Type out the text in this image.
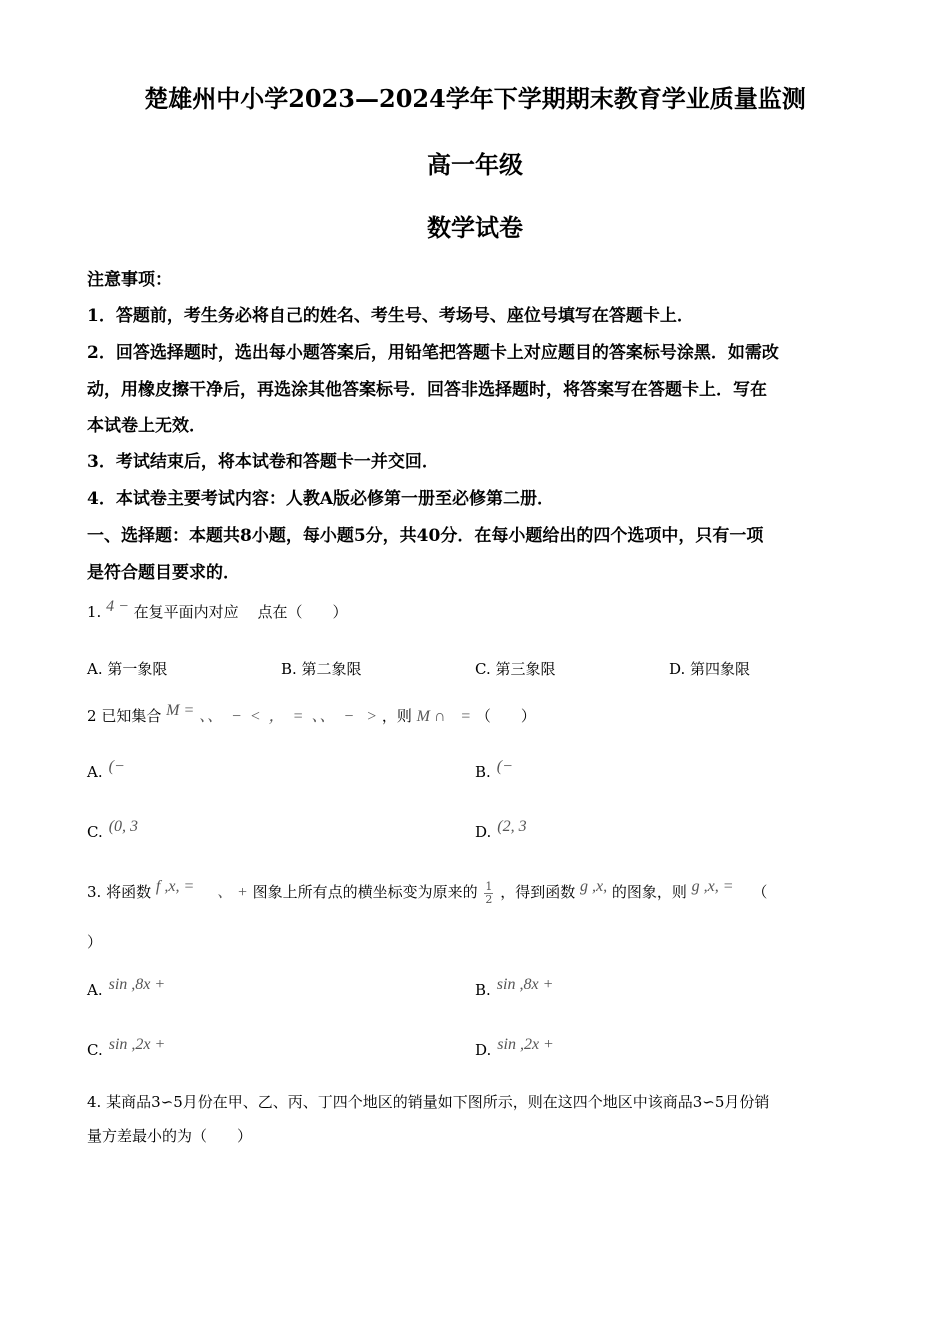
楚雄州中小学2023—2024学年下学期期末教育学业质量监测
高一年级
数学试卷
注意事项：
1．答题前，考生务必将自己的姓名、考生号、考场号、座位号填写在答题卡上．
2．回答选择题时，选出每小题答案后，用铅笔把答题卡上对应题目的答案标号涂黑．如需改
动，用橡皮擦干净后，再选涂其他答案标号．回答非选择题时，将答案写在答题卡上．写在
本试卷上无效．
3．考试结束后，将本试卷和答题卡一并交回．
4．本试卷主要考试内容：人教A版必修第一册至必修第二册．
一、选择题：本题共8小题，每小题5分，共40分．在每小题给出的四个选项中，只有一项
是符合题目要求的．
1. 4 − 在复平面内对应 点在（　　）
A. 第一象限	B. 第二象限	C. 第三象限	D. 第四象限
2 已知集合 M = 、、  −  <  ，  =  、、  −   > ，则 M ∩ = （　　）
A. (−	B. (−
C. (0, 3	D. (2, 3
3. 将函数 f ,x, = 、 + 图象上所有点的横坐标变为原来的 $\frac{1}{2}$ ，得到函数 g ,x, 的图象，则 g ,x, = （
）
A. sin ,8x +	B. sin ,8x +
C. sin ,2x +	D. sin ,2x +
4. 某商品3∽5月份在甲、乙、丙、丁四个地区的销量如下图所示，则在这四个地区中该商品3∽5月份销
量方差最小的为（　　）
